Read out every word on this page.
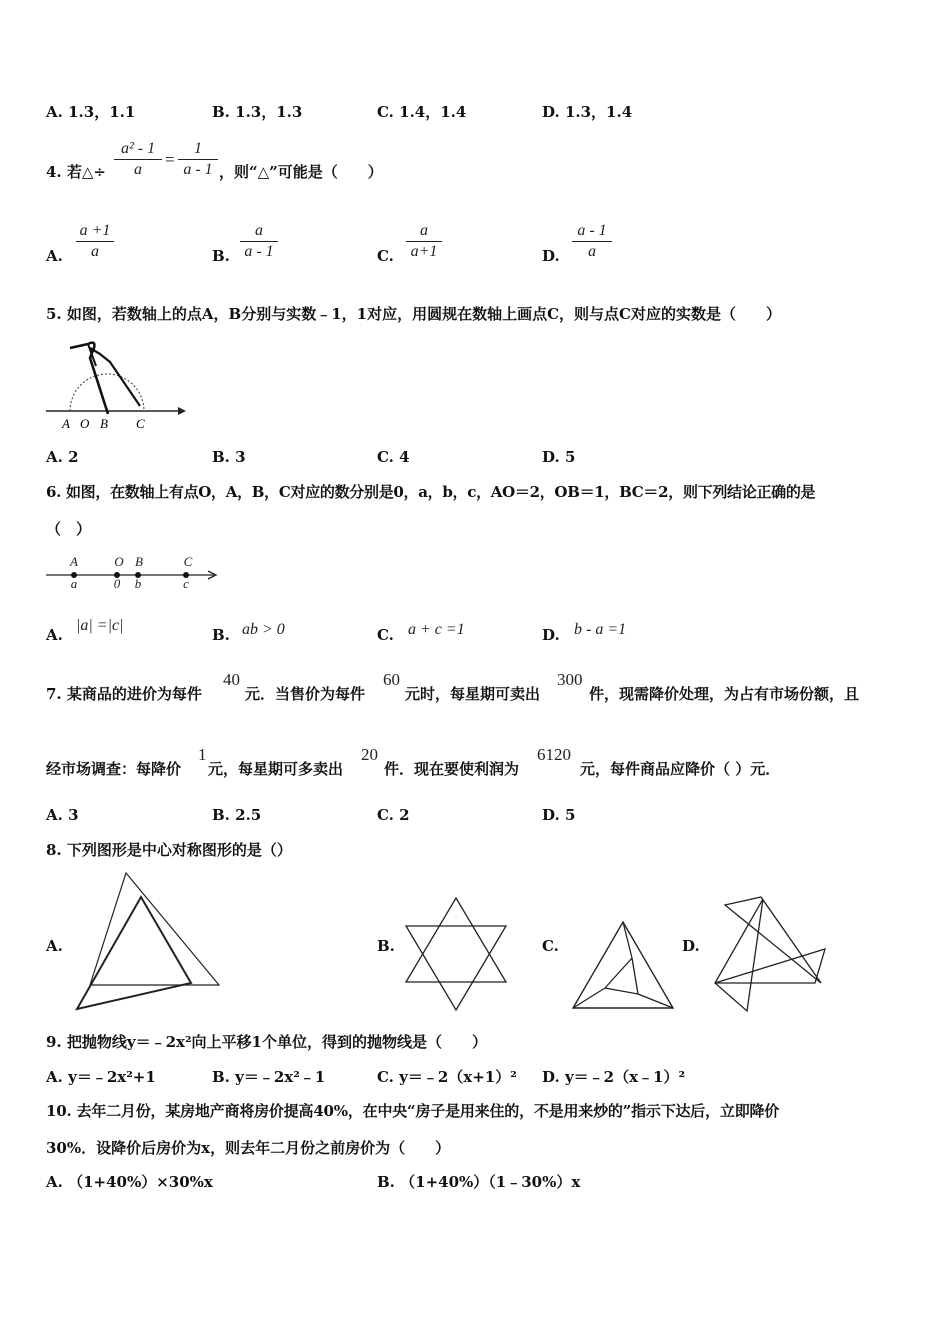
A. 1.3，1.1	B. 1.3，1.3	C. 1.4，1.4	D. 1.3，1.4
4. 若△÷ $\frac{\text{a² - 1}}{a} = \frac{1}{a - 1}$ ，则“△”可能是（　　）
A. $\frac{a +1}{a}$	B. $\frac{a}{a - 1}$	C. $\frac{a}{a+1}$	D. $\frac{a - 1}{a}$
5. 如图，若数轴上的点A，B分别与实数﹣1，1对应，用圆规在数轴上画点C，则与点C对应的实数是（　　）
A O B C
A. 2	B. 3	C. 4	D. 5
6. 如图，在数轴上有点O，A，B，C对应的数分别是0，a，b，c，AO＝2，OB＝1，BC＝2，则下列结论正确的是
（　）
A	O B	C
a	0 b	c
A.
|a| =|c|
B. ab > 0	C. a + c =1	D. b - a =1
7. 某商品的进价为每件
40
元．当售价为每件
60
元时，每星期可卖出
300
件，现需降价处理，为占有市场份额，且
经市场调查：每降价
1
元，每星期可多卖出
20
件．现在要使利润为
6120
元，每件商品应降价（ ）元．
A. 3	B. 2.5	C. 2	D. 5
8. 下列图形是中心对称图形的是（）
A.	B.	C.	D.
9. 把抛物线y＝﹣2x²向上平移1个单位，得到的抛物线是（　　）
A. y＝﹣2x²+1	B. y＝﹣2x²﹣1	C. y＝﹣2（x+1）² D. y＝﹣2（x﹣1）²
10. 去年二月份，某房地产商将房价提高40%，在中央“房子是用来住的，不是用来炒的”指示下达后，立即降价
30%．设降价后房价为x，则去年二月份之前房价为（　　）
A. （1+40%）×30%x	B. （1+40%）（1﹣30%）x
